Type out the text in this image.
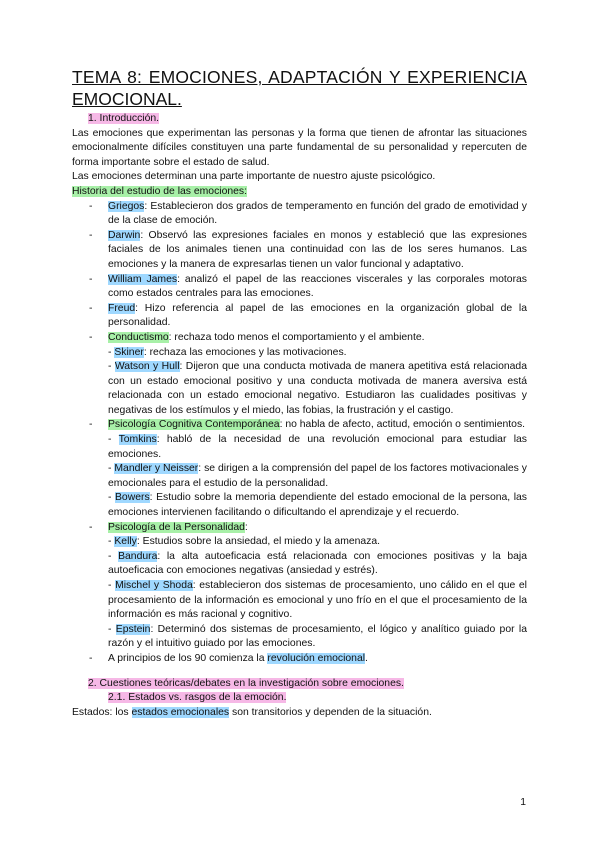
TEMA 8: EMOCIONES, ADAPTACIÓN Y EXPERIENCIA

EMOCIONAL.

1. Introducción.

Las emociones que experimentan las personas y la forma que tienen de afrontar las situaciones emocionalmente difíciles constituyen una parte fundamental de su personalidad y repercuten de forma importante sobre el estado de salud.

Las emociones determinan una parte importante de nuestro ajuste psicológico.

Historia del estudio de las emociones:

- Griegos: Establecieron dos grados de temperamento en función del grado de emotividad y de la clase de emoción.
- Darwin: Observó las expresiones faciales en monos y estableció que las expresiones faciales de los animales tienen una continuidad con las de los seres humanos. Las emociones y la manera de expresarlas tienen un valor funcional y adaptativo.
- William James: analizó el papel de las reacciones viscerales y las corporales motoras como estados centrales para las emociones.
- Freud: Hizo referencia al papel de las emociones en la organización global de la personalidad.
- Conductismo: rechaza todo menos el comportamiento y el ambiente.
- Skiner: rechaza las emociones y las motivaciones.
- Watson y Hull: Dijeron que una conducta motivada de manera apetitiva está relacionada con un estado emocional positivo y una conducta motivada de manera aversiva está relacionada con un estado emocional negativo. Estudiaron las cualidades positivas y negativas de los estímulos y el miedo, las fobias, la frustración y el castigo.
- Psicología Cognitiva Contemporánea: no habla de afecto, actitud, emoción o sentimientos.
- Tomkins: habló de la necesidad de una revolución emocional para estudiar las emociones.
- Mandler y Neisser: se dirigen a la comprensión del papel de los factores motivacionales y emocionales para el estudio de la personalidad.
- Bowers: Estudio sobre la memoria dependiente del estado emocional de la persona, las emociones intervienen facilitando o dificultando el aprendizaje y el recuerdo.
- Psicología de la Personalidad:
- Kelly: Estudios sobre la ansiedad, el miedo y la amenaza.
- Bandura: la alta autoeficacia está relacionada con emociones positivas y la baja autoeficacia con emociones negativas (ansiedad y estrés).
- Mischel y Shoda: establecieron dos sistemas de procesamiento, uno cálido en el que el procesamiento de la información es emocional y uno frío en el que el procesamiento de la información es más racional y cognitivo.
- Epstein: Determinó dos sistemas de procesamiento, el lógico y analítico guiado por la razón y el intuitivo guiado por las emociones.
- A principios de los 90 comienza la revolución emocional.

2. Cuestiones teóricas/debates en la investigación sobre emociones.

2.1. Estados vs. rasgos de la emoción.

Estados: los estados emocionales son transitorios y dependen de la situación.

1
